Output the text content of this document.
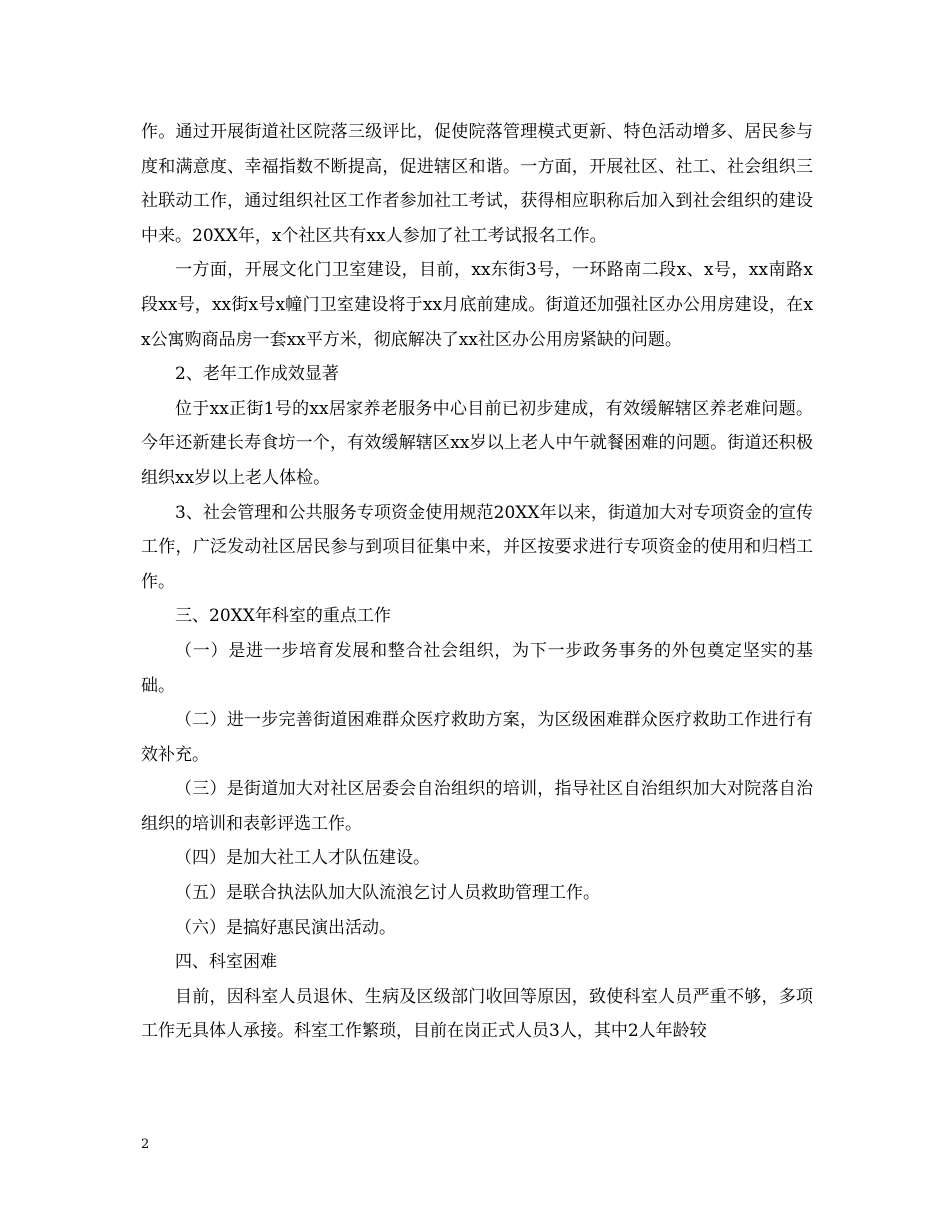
作。通过开展街道社区院落三级评比，促使院落管理模式更新、特色活动增多、居民参与度和满意度、幸福指数不断提高，促进辖区和谐。一方面，开展社区、社工、社会组织三社联动工作，通过组织社区工作者参加社工考试，获得相应职称后加入到社会组织的建设中来。20XX年，x个社区共有xx人参加了社工考试报名工作。

一方面，开展文化门卫室建设，目前，xx东街3号，一环路南二段x、x号，xx南路x段xx号，xx街x号x幢门卫室建设将于xx月底前建成。街道还加强社区办公用房建设，在xx公寓购商品房一套xx平方米，彻底解决了xx社区办公用房紧缺的问题。

2、老年工作成效显著

位于xx正街1号的xx居家养老服务中心目前已初步建成，有效缓解辖区养老难问题。今年还新建长寿食坊一个，有效缓解辖区xx岁以上老人中午就餐困难的问题。街道还积极组织xx岁以上老人体检。

3、社会管理和公共服务专项资金使用规范20XX年以来，街道加大对专项资金的宣传工作，广泛发动社区居民参与到项目征集中来，并区按要求进行专项资金的使用和归档工作。

三、20XX年科室的重点工作

（一）是进一步培育发展和整合社会组织，为下一步政务事务的外包奠定坚实的基础。

（二）进一步完善街道困难群众医疗救助方案，为区级困难群众医疗救助工作进行有效补充。

（三）是街道加大对社区居委会自治组织的培训，指导社区自治组织加大对院落自治组织的培训和表彰评选工作。

（四）是加大社工人才队伍建设。

（五）是联合执法队加大队流浪乞讨人员救助管理工作。

（六）是搞好惠民演出活动。

四、科室困难

目前，因科室人员退休、生病及区级部门收回等原因，致使科室人员严重不够，多项工作无具体人承接。科室工作繁琐，目前在岗正式人员3人，其中2人年龄较

2
